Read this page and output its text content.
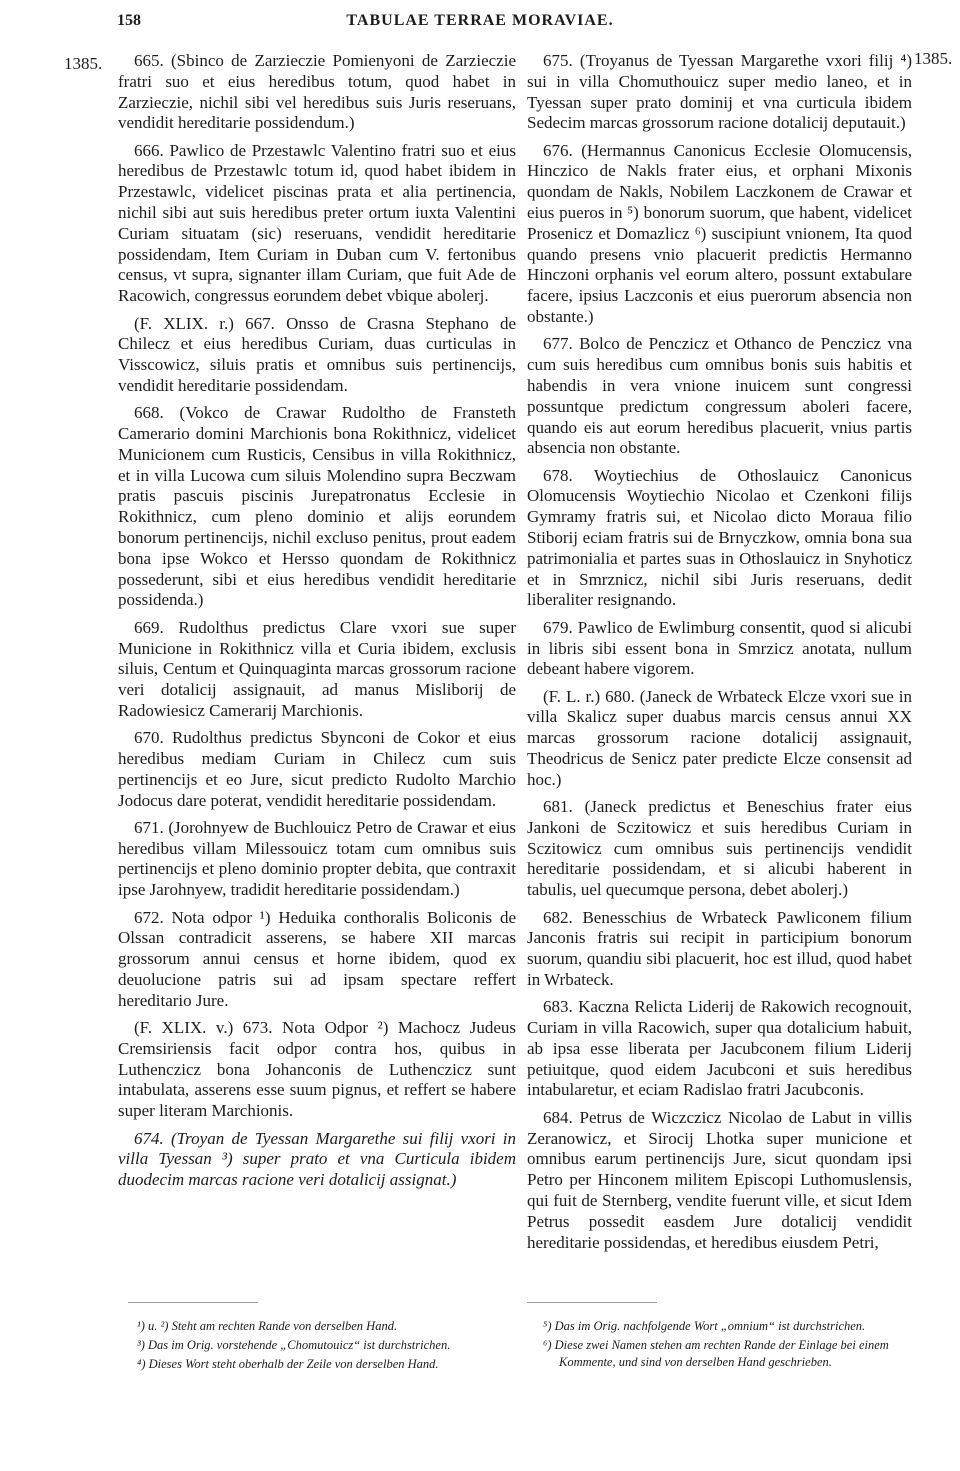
158	TABULAE TERRAE MORAVIAE.
1385.	1385.

665. (Sbinco de Zarzieczie Pomienyoni de Zarzieczie fratri suo et eius heredibus totum, quod habet in Zarzieczie, nichil sibi vel heredibus suis Juris reseruans, vendidit hereditarie possidendum.)

666. Pawlico de Przestawlc Valentino fratri suo et eius heredibus de Przestawlc totum id, quod habet ibidem in Przestawlc, videlicet piscinas prata et alia pertinencia, nichil sibi aut suis heredibus preter ortum iuxta Valentini Curiam situatam (sic) reseruans, vendidit hereditarie possidendam, Item Curiam in Duban cum V. fertonibus census, vt supra, signanter illam Curiam, que fuit Ade de Racowich, congressus eorundem debet vbique abolerj.

(F. XLIX. r.) 667. Onsso de Crasna Stephano de Chilecz et eius heredibus Curiam, duas curticulas in Visscowicz, siluis pratis et omnibus suis pertinencijs, vendidit hereditarie possidendam.

668. (Vokco de Crawar Rudoltho de Fransteth Camerario domini Marchionis bona Rokithnicz, videlicet Municionem cum Rusticis, Censibus in villa Rokithnicz, et in villa Lucowa cum siluis Molendino supra Beczwam pratis pascuis piscinis Jurepatronatus Ecclesie in Rokithnicz, cum pleno dominio et alijs eorundem bonorum pertinencijs, nichil excluso penitus, prout eadem bona ipse Wokco et Hersso quondam de Rokithnicz possederunt, sibi et eius heredibus vendidit hereditarie possidenda.)

669. Rudolthus predictus Clare vxori sue super Municione in Rokithnicz villa et Curia ibidem, exclusis siluis, Centum et Quinquaginta marcas grossorum racione veri dotalicij assignauit, ad manus Misliborij de Radowiesicz Camerarij Marchionis.

670. Rudolthus predictus Sbynconi de Cokor et eius heredibus mediam Curiam in Chilecz cum suis pertinencijs et eo Jure, sicut predicto Rudolto Marchio Jodocus dare poterat, vendidit hereditarie possidendam.

671. (Jorohnyew de Buchlouicz Petro de Crawar et eius heredibus villam Milessouicz totam cum omnibus suis pertinencijs et pleno dominio propter debita, que contraxit ipse Jarohnyew, tradidit hereditarie possidendam.)

672. Nota odpor ¹) Heduika conthoralis Boliconis de Olssan contradicit asserens, se habere XII marcas grossorum annui census et horne ibidem, quod ex deuolucione patris sui ad ipsam spectare reffert hereditario Jure.

(F. XLIX. v.) 673. Nota Odpor ²) Machocz Judeus Cremsiriensis facit odpor contra hos, quibus in Luthenczicz bona Johanconis de Luthenczicz sunt intabulata, asserens esse suum pignus, et reffert se habere super literam Marchionis.

674. (Troyan de Tyessan Margarethe sui filij vxori in villa Tyessan ³) super prato et vna Curticula ibidem duodecim marcas racione veri dotalicij assignat.)

675. (Troyanus de Tyessan Margarethe vxori filij ⁴) sui in villa Chomuthouicz super medio laneo, et in Tyessan super prato dominij et vna curticula ibidem Sedecim marcas grossorum racione dotalicij deputauit.)

676. (Hermannus Canonicus Ecclesie Olomucensis, Hinczico de Nakls frater eius, et orphani Mixonis quondam de Nakls, Nobilem Laczkonem de Crawar et eius pueros in ⁵) bonorum suorum, que habent, videlicet Prosenicz et Domazlicz ⁶) suscipiunt vnionem, Ita quod quando presens vnio placuerit predictis Hermanno Hinczoni orphanis vel eorum altero, possunt extabulare facere, ipsius Laczconis et eius puerorum absencia non obstante.)

677. Bolco de Penczicz et Othanco de Penczicz vna cum suis heredibus cum omnibus bonis suis habitis et habendis in vera vnione inuicem sunt congressi possuntque predictum congressum aboleri facere, quando eis aut eorum heredibus placuerit, vnius partis absencia non obstante.

678. Woytiechius de Othoslauicz Canonicus Olomucensis Woytiechio Nicolao et Czenkoni filijs Gymramy fratris sui, et Nicolao dicto Moraua filio Stiborij eciam fratris sui de Brnyczkow, omnia bona sua patrimonialia et partes suas in Othoslauicz in Snyhoticz et in Smrznicz, nichil sibi Juris reseruans, dedit liberaliter resignando.

679. Pawlico de Ewlimburg consentit, quod si alicubi in libris sibi essent bona in Smrzicz anotata, nullum debeant habere vigorem.

(F. L. r.) 680. (Janeck de Wrbateck Elcze vxori sue in villa Skalicz super duabus marcis census annui XX marcas grossorum racione dotalicij assignauit, Theodricus de Senicz pater predicte Elcze consensit ad hoc.)

681. (Janeck predictus et Beneschius frater eius Jankoni de Sczitowicz et suis heredibus Curiam in Sczitowicz cum omnibus suis pertinencijs vendidit hereditarie possidendam, et si alicubi haberent in tabulis, uel quecumque persona, debet abolerj.)

682. Benesschius de Wrbateck Pawliconem filium Janconis fratris sui recipit in participium bonorum suorum, quandiu sibi placuerit, hoc est illud, quod habet in Wrbateck.

683. Kaczna Relicta Liderij de Rakowich recognouit, Curiam in villa Racowich, super qua dotalicium habuit, ab ipsa esse liberata per Jacubconem filium Liderij petiuitque, quod eidem Jacubconi et suis heredibus intabularetur, et eciam Radislao fratri Jacubconis.

684. Petrus de Wiczczicz Nicolao de Labut in villis Zeranowicz, et Sirocij Lhotka super municione et omnibus earum pertinencijs Jure, sicut quondam ipsi Petro per Hinconem militem Episcopi Luthomuslensis, qui fuit de Sternberg, vendite fuerunt ville, et sicut Idem Petrus possedit easdem Jure dotalicij vendidit hereditarie possidendas, et heredibus eiusdem Petri,

¹) u. ²) Steht am rechten Rande von derselben Hand.

³) Das im Orig. vorstehende „Chomutouicz“ ist durchstrichen.

⁴) Dieses Wort steht oberhalb der Zeile von derselben Hand.

⁵) Das im Orig. nachfolgende Wort „omnium“ ist durchstrichen.

⁶) Diese zwei Namen stehen am rechten Rande der Einlage bei einem Kommente, und sind von derselben Hand geschrieben.
